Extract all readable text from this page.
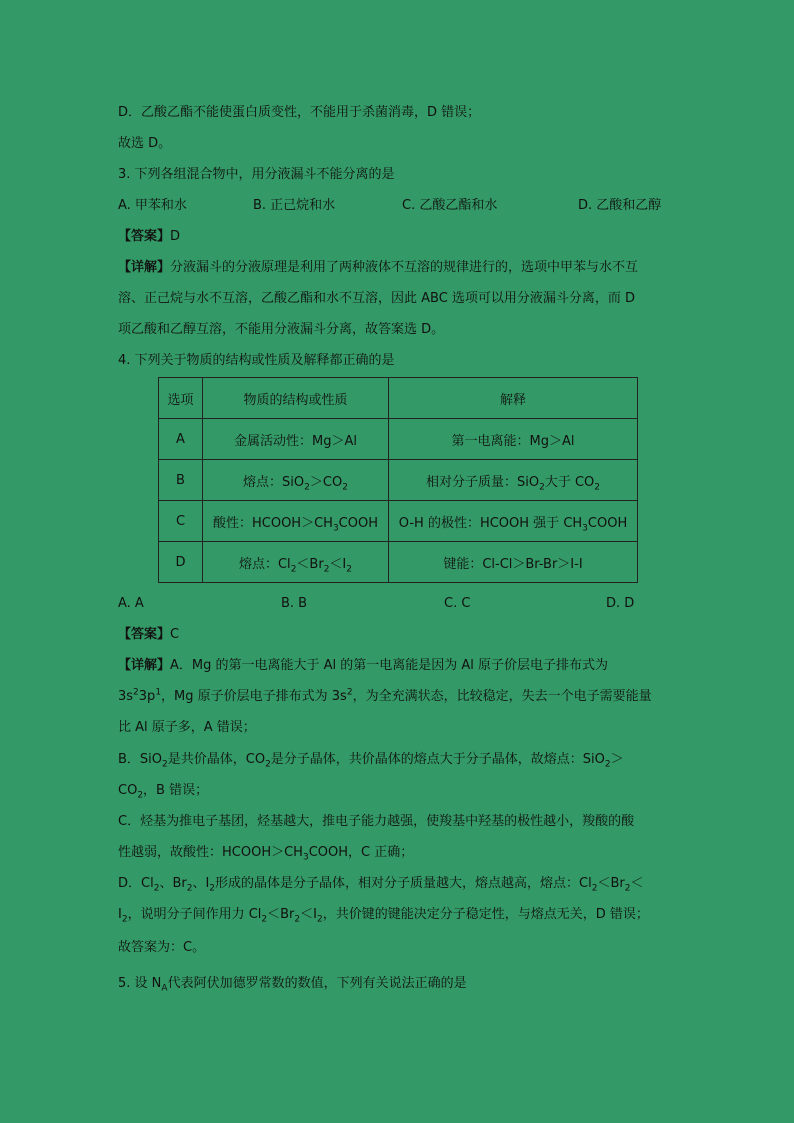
D．乙酸乙酯不能使蛋白质变性，不能用于杀菌消毒，D 错误；
故选 D。
3. 下列各组混合物中，用分液漏斗不能分离的是
A. 甲苯和水	B. 正己烷和水	C. 乙酸乙酯和水	D. 乙酸和乙醇
【答案】D
【详解】分液漏斗的分液原理是利用了两种液体不互溶的规律进行的，选项中甲苯与水不互
溶、正己烷与水不互溶，乙酸乙酯和水不互溶，因此 ABC 选项可以用分液漏斗分离，而 D
项乙酸和乙醇互溶，不能用分液漏斗分离，故答案选 D。
4. 下列关于物质的结构或性质及解释都正确的是
选项	物质的结构或性质	解释
A	金属活动性：Mg＞Al	第一电离能：Mg＞Al
B	熔点：$SiO_2>CO_2$	相对分子质量：SiO$_2$大于 $CO_2$
C	酸性：$HCOOH>CH_3COOH$	O-H 的极性：HCOOH 强于 $CH_3COOH$
D	熔点：$Cl_2<Br_2<I_2$	键能：Cl-Cl＞Br-Br＞I-I
A. A	B. B	C. C	D. D
【答案】C
【详解】A．Mg 的第一电离能大于 Al 的第一电离能是因为 Al 原子价层电子排布式为
$3s^23p^1$，Mg 原子价层电子排布式为 $3s^2$，为全充满状态，比较稳定，失去一个电子需要能量
比 Al 原子多，A 错误；
B．SiO$_2$是共价晶体，$CO_2$是分子晶体，共价晶体的熔点大于分子晶体，故熔点：SiO$_2$＞
$CO_2$，B 错误；
C．烃基为推电子基团，烃基越大，推电子能力越强，使羧基中羟基的极性越小，羧酸的酸
性越弱，故酸性：$HCOOH>CH_3COOH$，C 正确；
D．$Cl_2$、$Br_2$、$I_2$形成的晶体是分子晶体，相对分子质量越大，熔点越高，熔点：$Cl_2<Br_2<$
$I_2$，说明分子间作用力 $Cl_2<Br_2<I_2$，共价键的键能决定分子稳定性，与熔点无关，D 错误；
故答案为：C。
5. 设 $N_A$代表阿伏加德罗常数的数值，下列有关说法正确的是
